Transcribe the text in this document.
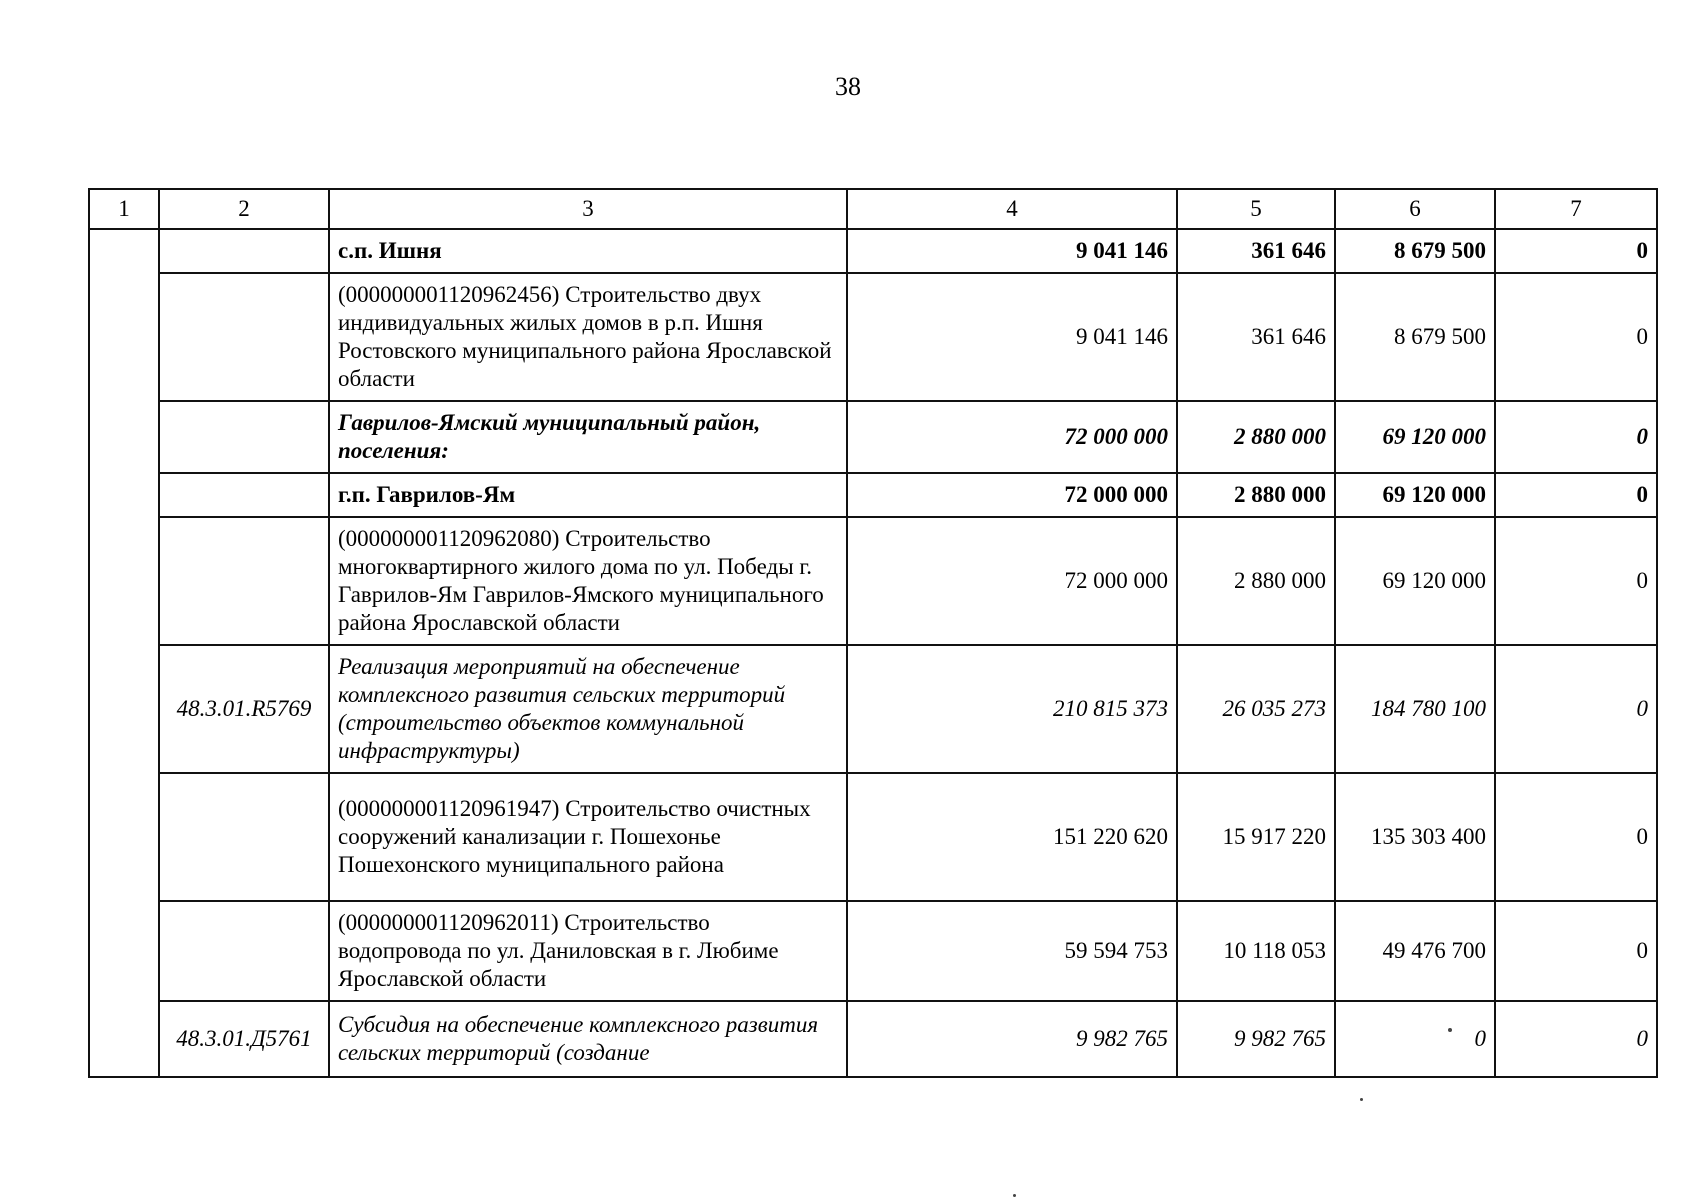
38
1	2	3	4	5	6	7
		с.п. Ишня	9 041 146	361 646	8 679 500	0
		(000000001120962456) Строительство двух индивидуальных жилых домов в р.п. Ишня Ростовского муниципального района Ярославской области	9 041 146	361 646	8 679 500	0
		Гаврилов-Ямский муниципальный район, поселения:	72 000 000	2 880 000	69 120 000	0
		г.п. Гаврилов-Ям	72 000 000	2 880 000	69 120 000	0
		(000000001120962080) Строительство многоквартирного жилого дома по ул. Победы г. Гаврилов-Ям Гаврилов-Ямского муниципального района Ярославской области	72 000 000	2 880 000	69 120 000	0
	48.3.01.R5769	Реализация мероприятий на обеспечение комплексного развития сельских территорий (строительство объектов коммунальной инфраструктуры)	210 815 373	26 035 273	184 780 100	0
		(000000001120961947) Строительство очистных сооружений канализации г. Пошехонье Пошехонского муниципального района	151 220 620	15 917 220	135 303 400	0
		(000000001120962011) Строительство водопровода по ул. Даниловская в г. Любиме Ярославской области	59 594 753	10 118 053	49 476 700	0
	48.3.01.Д5761	Субсидия на обеспечение комплексного развития сельских территорий (создание	9 982 765	9 982 765	0	0
